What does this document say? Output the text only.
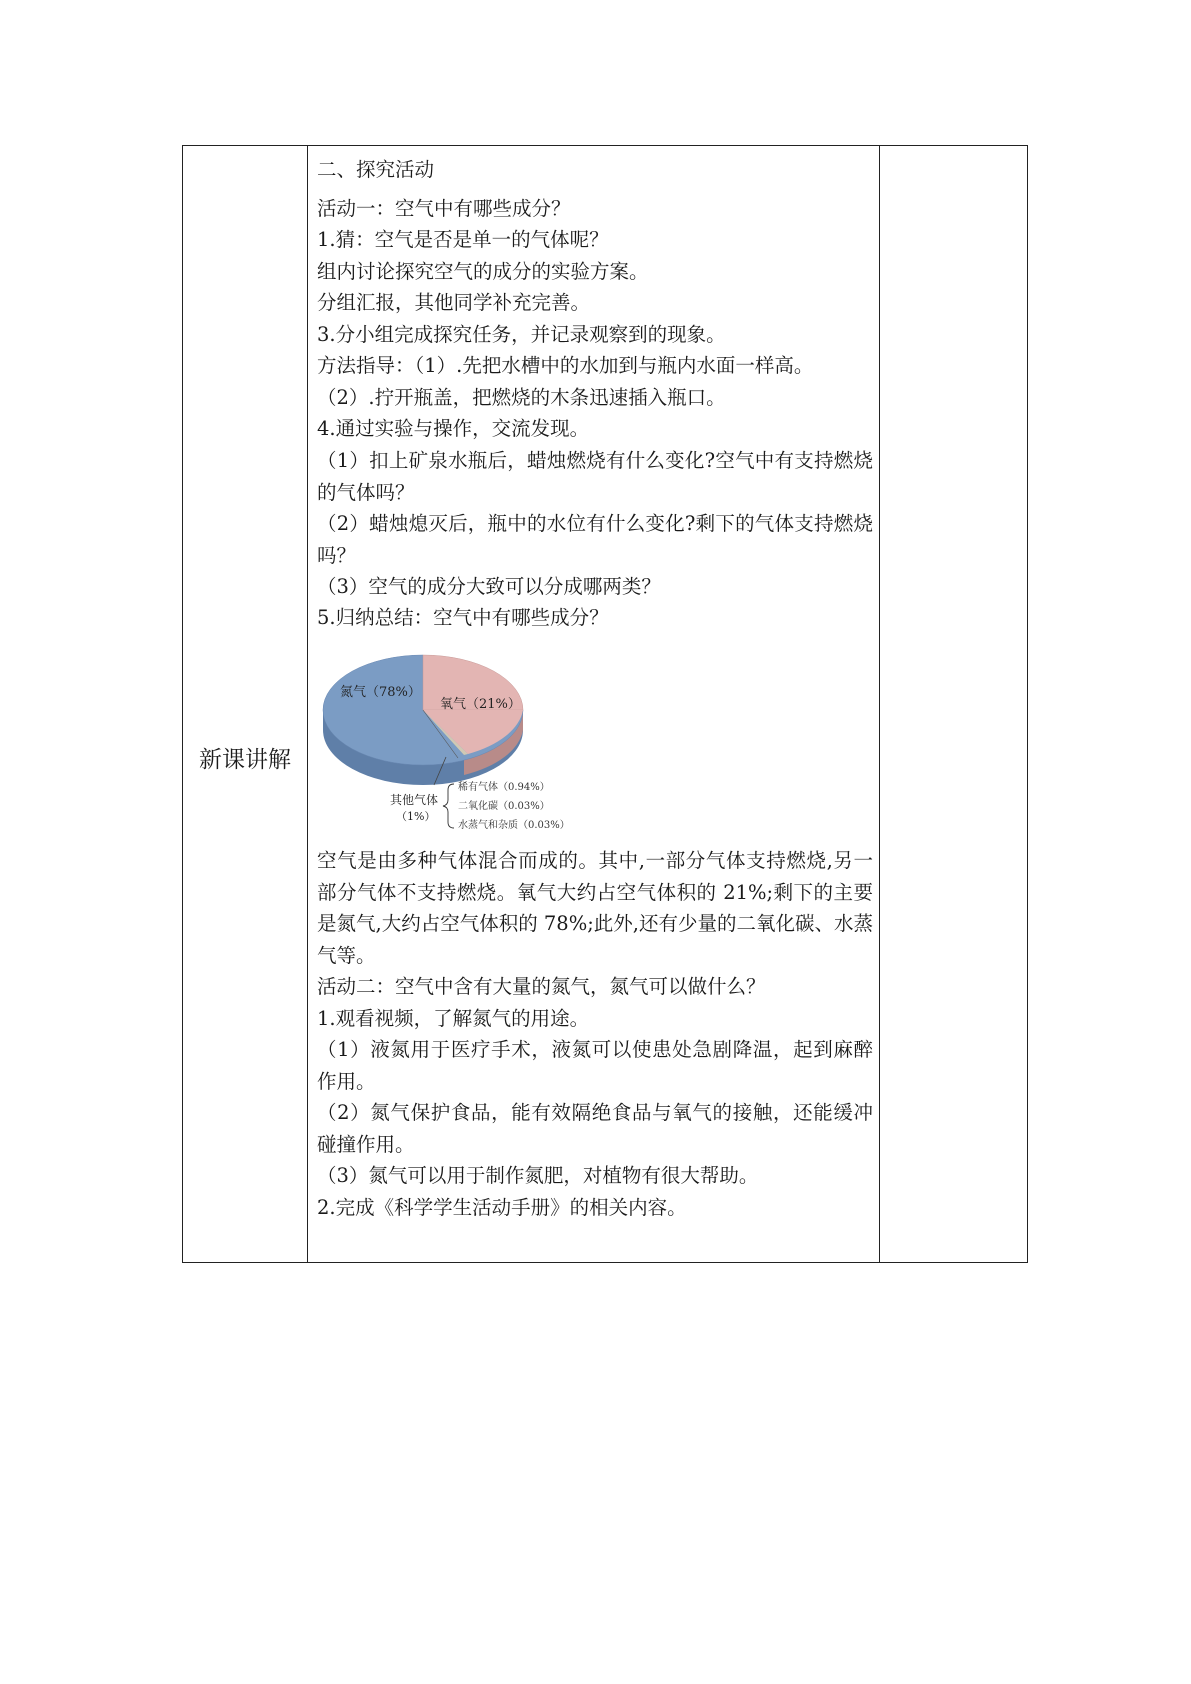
新课讲解
二、探究活动
活动一：空气中有哪些成分？
1.猜：空气是否是单一的气体呢？
组内讨论探究空气的成分的实验方案。
分组汇报，其他同学补充完善。
3.分小组完成探究任务，并记录观察到的现象。
方法指导：（1）.先把水槽中的水加到与瓶内水面一样高。
（2）.拧开瓶盖，把燃烧的木条迅速插入瓶口。
4.通过实验与操作，交流发现。
（1）扣上矿泉水瓶后，蜡烛燃烧有什么变化?空气中有支持燃烧的气体吗？
（2）蜡烛熄灭后，瓶中的水位有什么变化?剩下的气体支持燃烧吗？
（3）空气的成分大致可以分成哪两类？
5.归纳总结：空气中有哪些成分？
氮气（78%）
氧气（21%）
其他气体
（1%）
稀有气体（0.94%）
二氧化碳（0.03%）
水蒸气和杂质（0.03%）
空气是由多种气体混合而成的。其中,一部分气体支持燃烧,另一部分气体不支持燃烧。氧气大约占空气体积的 21%;剩下的主要是氮气,大约占空气体积的 78%;此外,还有少量的二氧化碳、水蒸气等。
活动二：空气中含有大量的氮气，氮气可以做什么？
1.观看视频，了解氮气的用途。
（1）液氮用于医疗手术，液氮可以使患处急剧降温，起到麻醉作用。
（2）氮气保护食品，能有效隔绝食品与氧气的接触，还能缓冲碰撞作用。
（3）氮气可以用于制作氮肥，对植物有很大帮助。
2.完成《科学学生活动手册》的相关内容。
